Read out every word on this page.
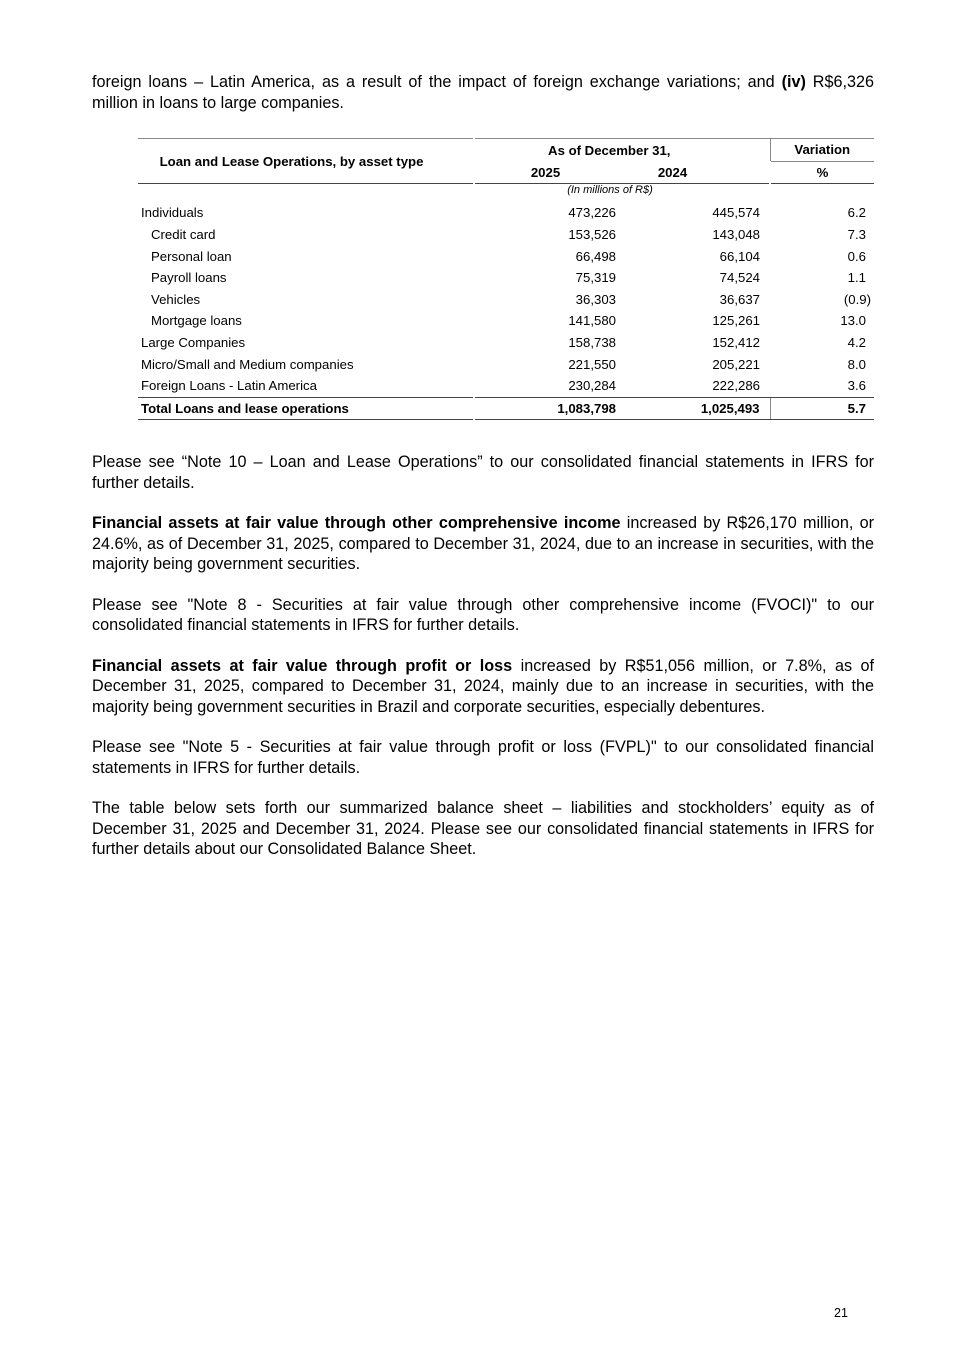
foreign loans – Latin America, as a result of the impact of foreign exchange variations; and (iv) R$6,326 million in loans to large companies.

Loan and Lease Operations, by asset type	As of December 31,		Variation
	2025	2024	%
	(In millions of R$)		
Individuals	473,226	445,574	6.2
Credit card	153,526	143,048	7.3
Personal loan	66,498	66,104	0.6
Payroll loans	75,319	74,524	1.1
Vehicles	36,303	36,637	(0.9)
Mortgage loans	141,580	125,261	13.0
Large Companies	158,738	152,412	4.2
Micro/Small and Medium companies	221,550	205,221	8.0
Foreign Loans - Latin America	230,284	222,286	3.6
Total Loans and lease operations	1,083,798	1,025,493	5.7

Please see “Note 10 – Loan and Lease Operations” to our consolidated financial statements in IFRS for further details.

Financial assets at fair value through other comprehensive income increased by R$26,170 million, or 24.6%, as of December 31, 2025, compared to December 31, 2024, due to an increase in securities, with the majority being government securities.

Please see "Note 8 - Securities at fair value through other comprehensive income (FVOCI)" to our consolidated financial statements in IFRS for further details.

Financial assets at fair value through profit or loss increased by R$51,056 million, or 7.8%, as of December 31, 2025, compared to December 31, 2024, mainly due to an increase in securities, with the majority being government securities in Brazil and corporate securities, especially debentures.

Please see "Note 5 - Securities at fair value through profit or loss (FVPL)" to our consolidated financial statements in IFRS for further details.

The table below sets forth our summarized balance sheet – liabilities and stockholders’ equity as of December 31, 2025 and December 31, 2024. Please see our consolidated financial statements in IFRS for further details about our Consolidated Balance Sheet.

21
